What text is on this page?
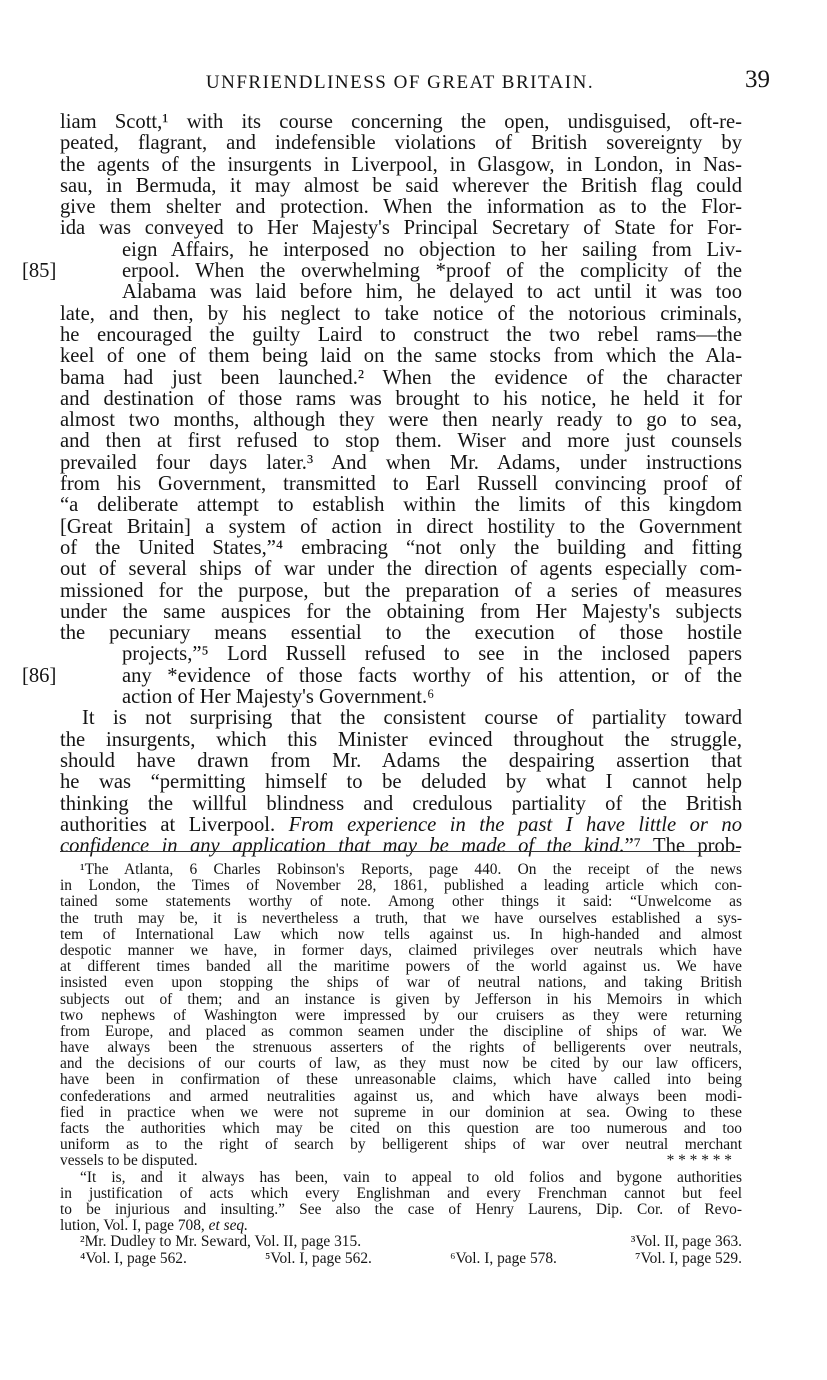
UNFRIENDLINESS OF GREAT BRITAIN.	39
liam Scott,¹ with its course concerning the open, undisguised, oft-re-
peated, flagrant, and indefensible violations of British sovereignty by
the agents of the insurgents in Liverpool, in Glasgow, in London, in Nas-
sau, in Bermuda, it may almost be said wherever the British flag could
give them shelter and protection. When the information as to the Flor-
ida was conveyed to Her Majesty's Principal Secretary of State for For-
eign Affairs, he interposed no objection to her sailing from Liv-
[85]	erpool. When the overwhelming *proof of the complicity of the
Alabama was laid before him, he delayed to act until it was too
late, and then, by his neglect to take notice of the notorious criminals,
he encouraged the guilty Laird to construct the two rebel rams—the
keel of one of them being laid on the same stocks from which the Ala-
bama had just been launched.² When the evidence of the character
and destination of those rams was brought to his notice, he held it for
almost two months, although they were then nearly ready to go to sea,
and then at first refused to stop them. Wiser and more just counsels
prevailed four days later.³ And when Mr. Adams, under instructions
from his Government, transmitted to Earl Russell convincing proof of
“a deliberate attempt to establish within the limits of this kingdom
[Great Britain] a system of action in direct hostility to the Government
of the United States,”⁴ embracing “not only the building and fitting
out of several ships of war under the direction of agents especially com-
missioned for the purpose, but the preparation of a series of measures
under the same auspices for the obtaining from Her Majesty's subjects
the pecuniary means essential to the execution of those hostile
projects,”⁵ Lord Russell refused to see in the inclosed papers
[86]	any *evidence of those facts worthy of his attention, or of the
action of Her Majesty's Government.⁶
It is not surprising that the consistent course of partiality toward
the insurgents, which this Minister evinced throughout the struggle,
should have drawn from Mr. Adams the despairing assertion that
he was “permitting himself to be deluded by what I cannot help
thinking the willful blindness and credulous partiality of the British
authorities at Liverpool. From experience in the past I have little or no
confidence in any application that may be made of the kind.”⁷ The prob-
¹The Atlanta, 6 Charles Robinson's Reports, page 440. On the receipt of the news
in London, the Times of November 28, 1861, published a leading article which con-
tained some statements worthy of note. Among other things it said: “Unwelcome as
the truth may be, it is nevertheless a truth, that we have ourselves established a sys-
tem of International Law which now tells against us. In high-handed and almost
despotic manner we have, in former days, claimed privileges over neutrals which have
at different times banded all the maritime powers of the world against us. We have
insisted even upon stopping the ships of war of neutral nations, and taking British
subjects out of them; and an instance is given by Jefferson in his Memoirs in which
two nephews of Washington were impressed by our cruisers as they were returning
from Europe, and placed as common seamen under the discipline of ships of war. We
have always been the strenuous asserters of the rights of belligerents over neutrals,
and the decisions of our courts of law, as they must now be cited by our law officers,
have been in confirmation of these unreasonable claims, which have called into being
confederations and armed neutralities against us, and which have always been modi-
fied in practice when we were not supreme in our dominion at sea. Owing to these
facts the authorities which may be cited on this question are too numerous and too
uniform as to the right of search by belligerent ships of war over neutral merchant
vessels to be disputed.	* * * * * *
“It is, and it always has been, vain to appeal to old folios and bygone authorities
in justification of acts which every Englishman and every Frenchman cannot but feel
to be injurious and insulting.” See also the case of Henry Laurens, Dip. Cor. of Revo-
lution, Vol. I, page 708, et seq.
²Mr. Dudley to Mr. Seward, Vol. II, page 315.	³Vol. II, page 363.
⁴Vol. I, page 562.	⁵Vol. I, page 562.	⁶Vol. I, page 578.	⁷Vol. I, page 529.
